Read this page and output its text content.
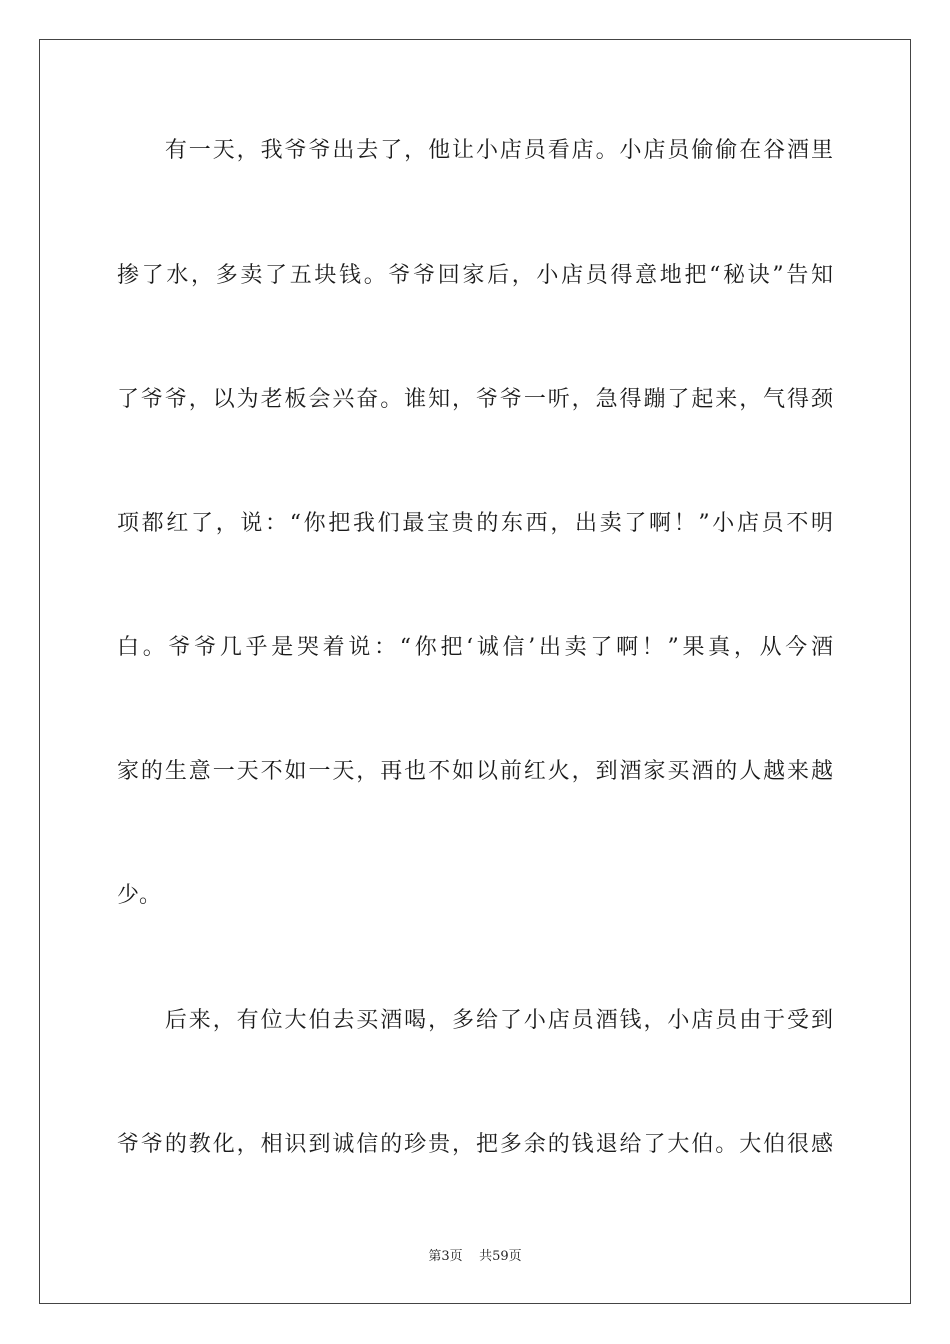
　　有一天，我爷爷出去了，他让小店员看店。小店员偷偷在谷酒里
掺了水，多卖了五块钱。爷爷回家后，小店员得意地把“秘诀”告知
了爷爷，以为老板会兴奋。谁知，爷爷一听，急得蹦了起来，气得颈
项都红了，说：“你把我们最宝贵的东西，出卖了啊！”小店员不明
白。爷爷几乎是哭着说：“你把‘诚信’出卖了啊！”果真，从今酒
家的生意一天不如一天，再也不如以前红火，到酒家买酒的人越来越
少。
　　后来，有位大伯去买酒喝，多给了小店员酒钱，小店员由于受到
爷爷的教化，相识到诚信的珍贵，把多余的钱退给了大伯。大伯很感
第3页 共59页
